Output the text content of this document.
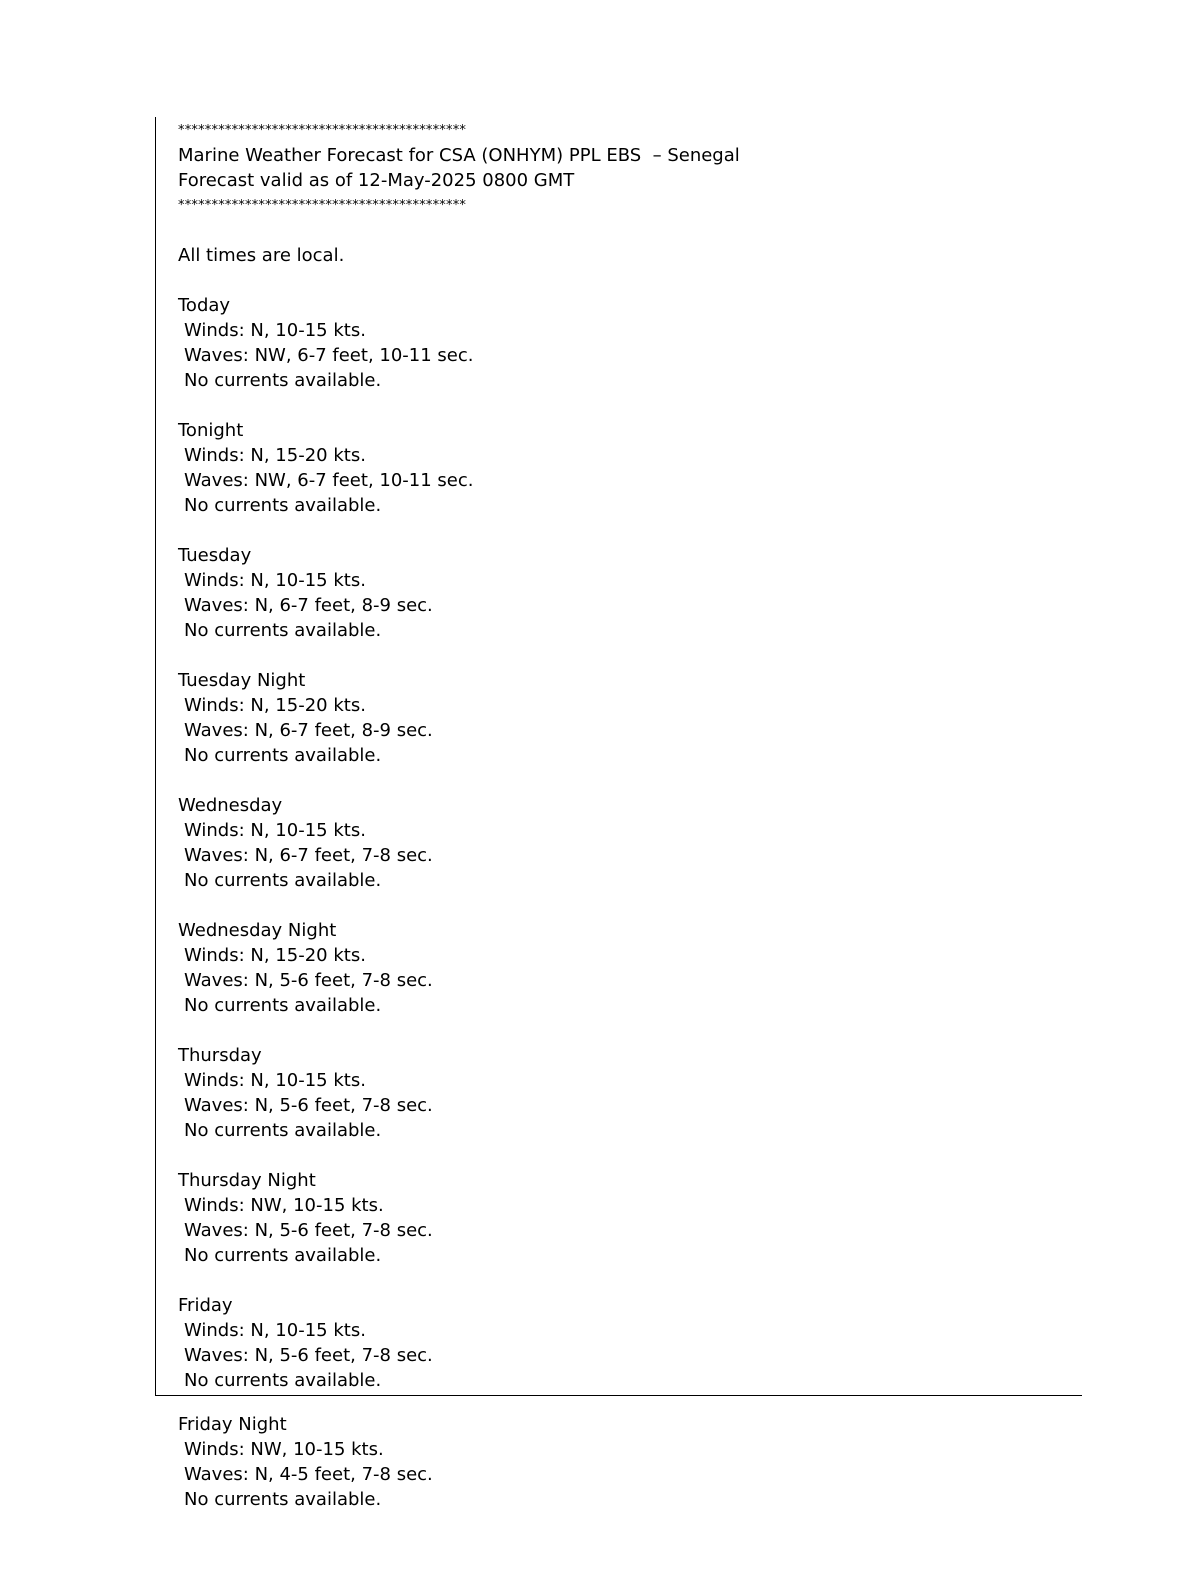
*******************************************
Marine Weather Forecast for CSA (ONHYM) PPL EBS  – Senegal
Forecast valid as of 12-May-2025 0800 GMT
*******************************************
All times are local.
Today
Winds: N, 10-15 kts.
Waves: NW, 6-7 feet, 10-11 sec.
No currents available.
Tonight
Winds: N, 15-20 kts.
Waves: NW, 6-7 feet, 10-11 sec.
No currents available.
Tuesday
Winds: N, 10-15 kts.
Waves: N, 6-7 feet, 8-9 sec.
No currents available.
Tuesday Night
Winds: N, 15-20 kts.
Waves: N, 6-7 feet, 8-9 sec.
No currents available.
Wednesday
Winds: N, 10-15 kts.
Waves: N, 6-7 feet, 7-8 sec.
No currents available.
Wednesday Night
Winds: N, 15-20 kts.
Waves: N, 5-6 feet, 7-8 sec.
No currents available.
Thursday
Winds: N, 10-15 kts.
Waves: N, 5-6 feet, 7-8 sec.
No currents available.
Thursday Night
Winds: NW, 10-15 kts.
Waves: N, 5-6 feet, 7-8 sec.
No currents available.
Friday
Winds: N, 10-15 kts.
Waves: N, 5-6 feet, 7-8 sec.
No currents available.
Friday Night
Winds: NW, 10-15 kts.
Waves: N, 4-5 feet, 7-8 sec.
No currents available.
